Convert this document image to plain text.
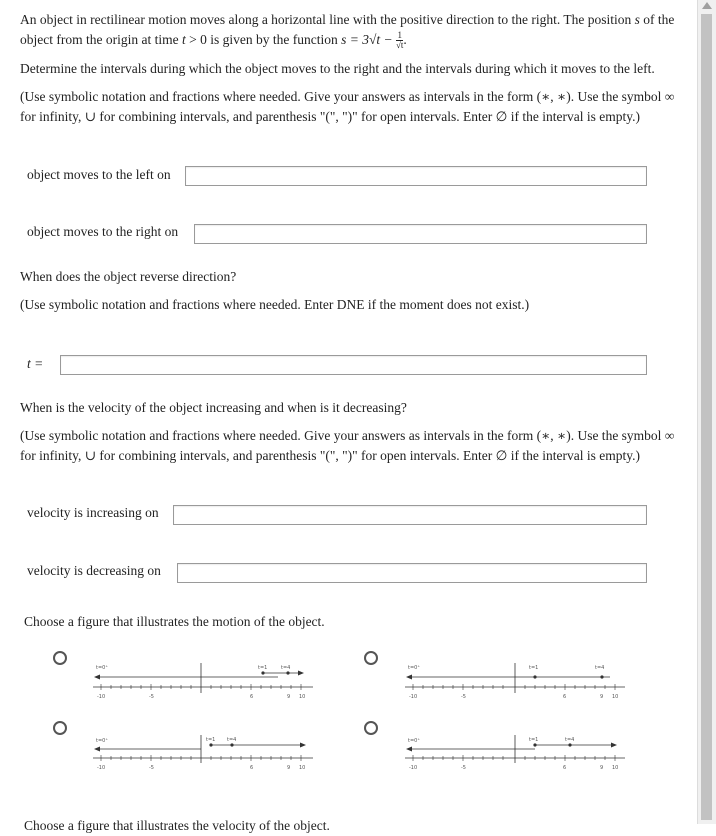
An object in rectilinear motion moves along a horizontal line with the positive direction to the right. The position s of the object from the origin at time t > 0 is given by the function $s = 3√t - \frac{1}{√t}$ .

Determine the intervals during which the object moves to the right and the intervals during which it moves to the left.

(Use symbolic notation and fractions where needed. Give your answers as intervals in the form (∗, ∗). Use the symbol ∞ for infinity, ∪ for combining intervals, and parenthesis "(", ")" for open intervals. Enter ∅ if the interval is empty.)

object moves to the left on
object moves to the right on

When does the object reverse direction?

(Use symbolic notation and fractions where needed. Enter DNE if the moment does not exist.)

t =

When is the velocity of the object increasing and when is it decreasing?

(Use symbolic notation and fractions where needed. Give your answers as intervals in the form (∗, ∗). Use the symbol ∞ for infinity, ∪ for combining intervals, and parenthesis "(", ")" for open intervals. Enter ∅ if the interval is empty.)

velocity is increasing on
velocity is decreasing on

Choose a figure that illustrates the motion of the object.

t=0⁺	t=1	t=4
-10	-5	6	9 10
t=0⁺	t=1	t=4
-10	-5	6	9 10
t=0⁺	t=1 t=4
-10	-5	6	9 10
t=0⁺	t=1	t=4
-10	-5	6	9 10

Choose a figure that illustrates the velocity of the object.
